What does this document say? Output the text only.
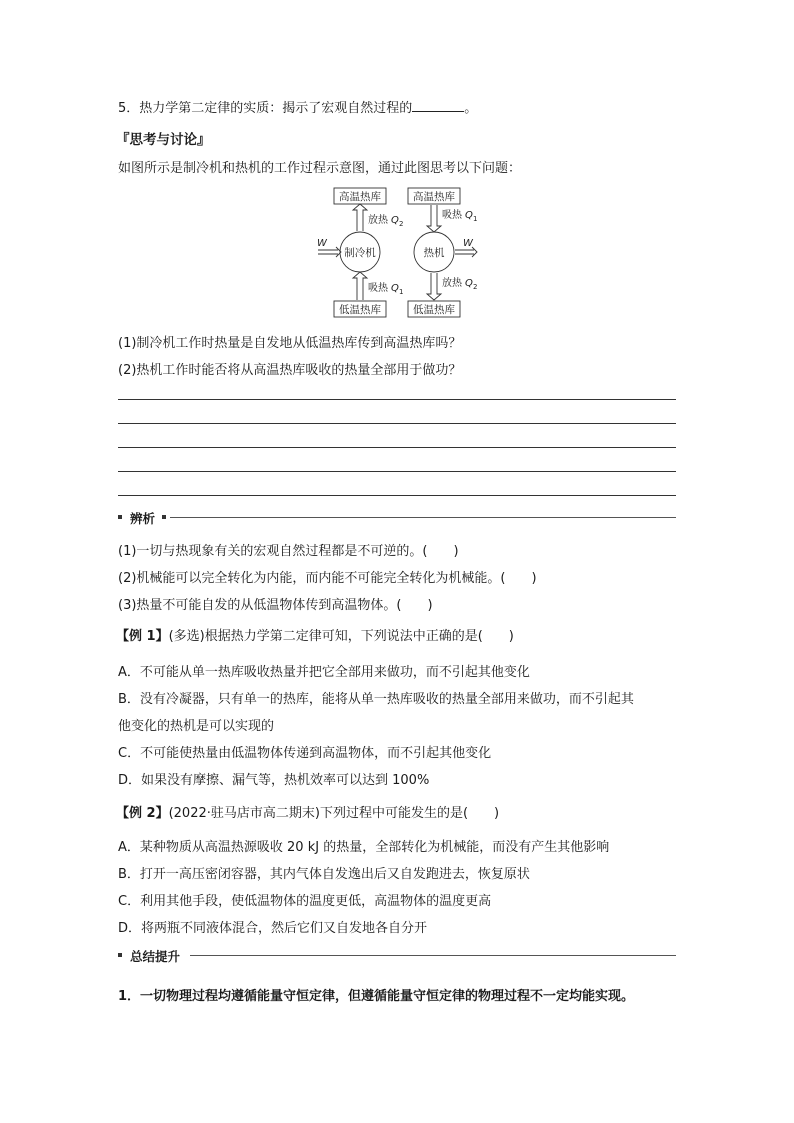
5．热力学第二定律的实质：揭示了宏观自然过程的	。
『思考与讨论』
如图所示是制冷机和热机的工作过程示意图，通过此图思考以下问题：
高温热库
低温热库
高温热库
低温热库
制冷机	热机
放热 Q 2
吸热 Q 1
吸热 Q 1
放热 Q 2
W	W
(1)制冷机工作时热量是自发地从低温热库传到高温热库吗？
(2)热机工作时能否将从高温热库吸收的热量全部用于做功？
辨析
(1)一切与热现象有关的宏观自然过程都是不可逆的。(　　)
(2)机械能可以完全转化为内能，而内能不可能完全转化为机械能。(　　)
(3)热量不可能自发的从低温物体传到高温物体。(　　)
【例 1】(多选)根据热力学第二定律可知，下列说法中正确的是(　　)
A．不可能从单一热库吸收热量并把它全部用来做功，而不引起其他变化
B．没有冷凝器，只有单一的热库，能将从单一热库吸收的热量全部用来做功，而不引起其
他变化的热机是可以实现的
C．不可能使热量由低温物体传递到高温物体，而不引起其他变化
D．如果没有摩擦、漏气等，热机效率可以达到 100%
【例 2】(2022·驻马店市高二期末)下列过程中可能发生的是(　　)
A．某种物质从高温热源吸收 20 kJ 的热量，全部转化为机械能，而没有产生其他影响
B．打开一高压密闭容器，其内气体自发逸出后又自发跑进去，恢复原状
C．利用其他手段，使低温物体的温度更低，高温物体的温度更高
D．将两瓶不同液体混合，然后它们又自发地各自分开
总结提升
1．一切物理过程均遵循能量守恒定律，但遵循能量守恒定律的物理过程不一定均能实现。
